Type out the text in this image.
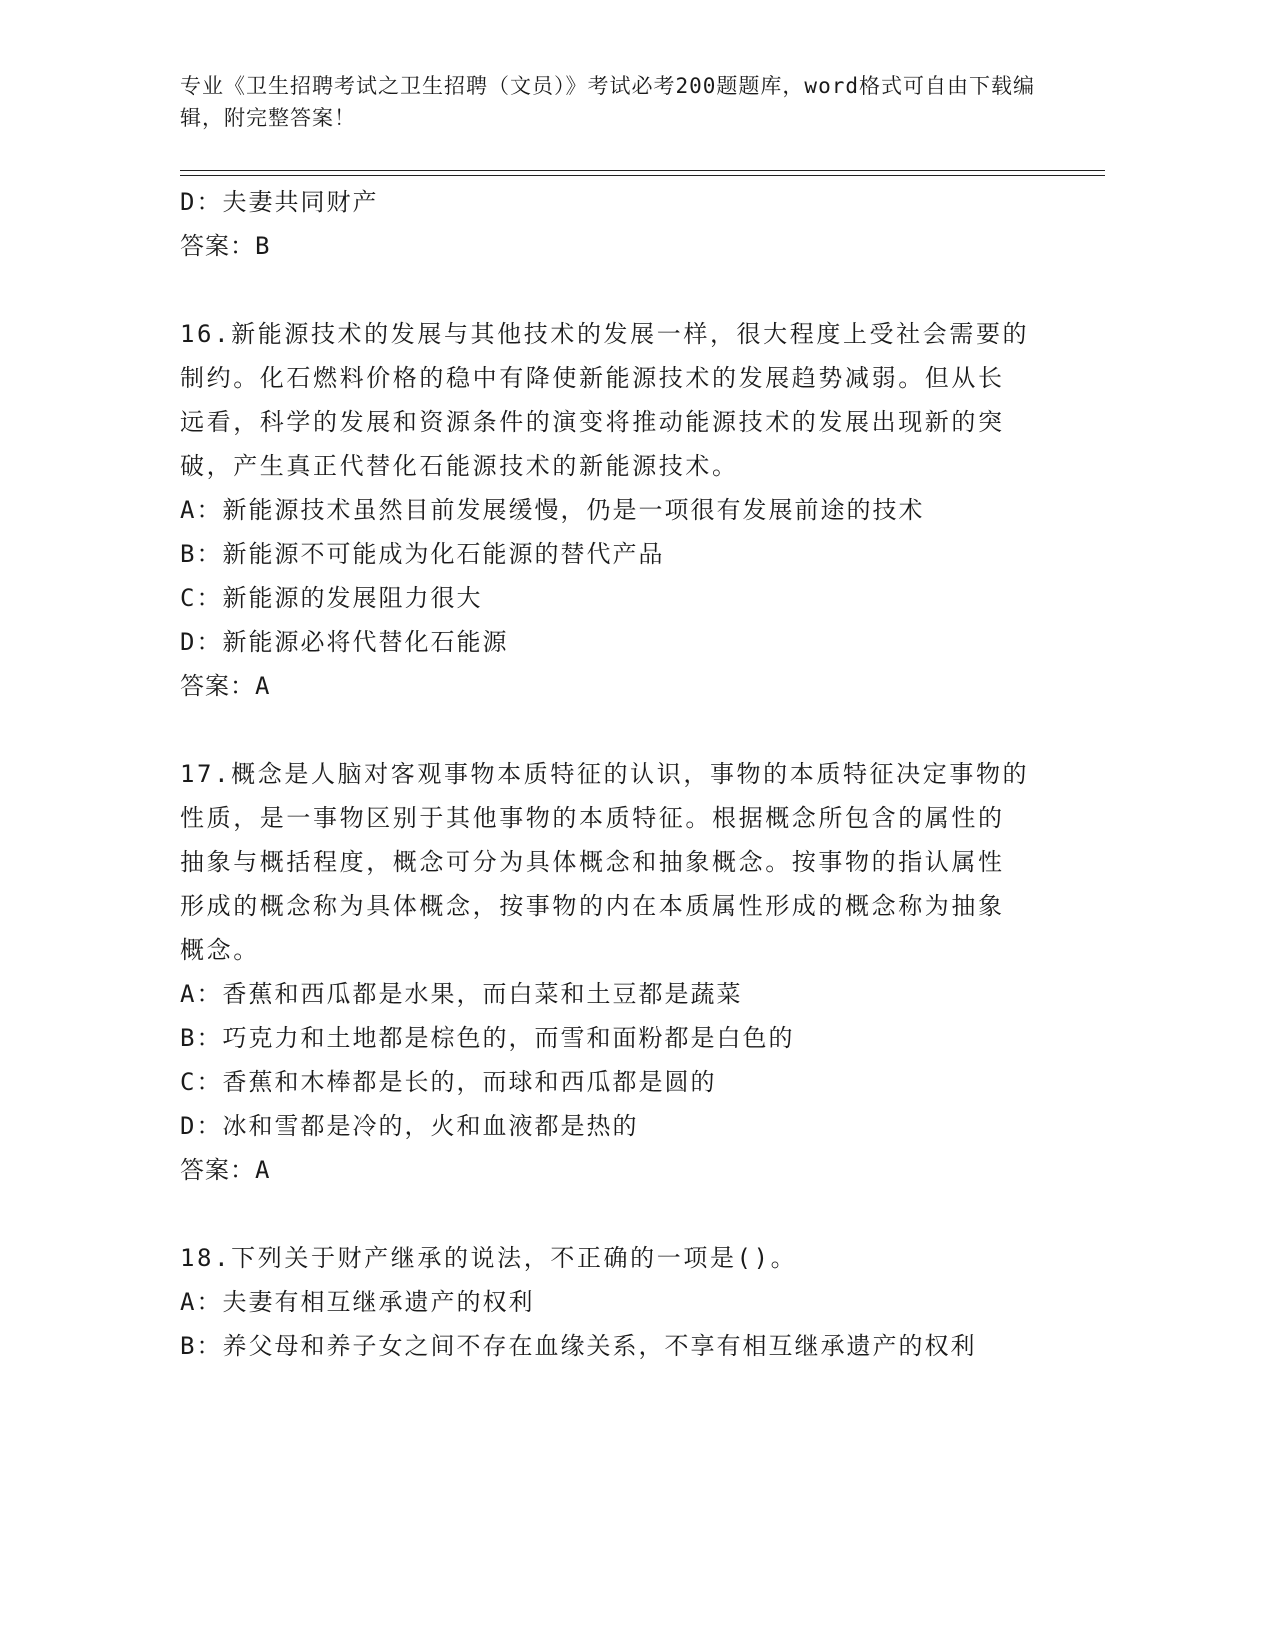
专业《卫生招聘考试之卫生招聘（文员）》考试必考200题题库，word格式可自由下载编辑，附完整答案！
D：夫妻共同财产
答案：B
16.新能源技术的发展与其他技术的发展一样，很大程度上受社会需要的制约。化石燃料价格的稳中有降使新能源技术的发展趋势减弱。但从长远看，科学的发展和资源条件的演变将推动能源技术的发展出现新的突破，产生真正代替化石能源技术的新能源技术。
A：新能源技术虽然目前发展缓慢，仍是一项很有发展前途的技术
B：新能源不可能成为化石能源的替代产品
C：新能源的发展阻力很大
D：新能源必将代替化石能源
答案：A
17.概念是人脑对客观事物本质特征的认识，事物的本质特征决定事物的性质，是一事物区别于其他事物的本质特征。根据概念所包含的属性的抽象与概括程度，概念可分为具体概念和抽象概念。按事物的指认属性形成的概念称为具体概念，按事物的内在本质属性形成的概念称为抽象概念。
A：香蕉和西瓜都是水果，而白菜和土豆都是蔬菜
B：巧克力和土地都是棕色的，而雪和面粉都是白色的
C：香蕉和木棒都是长的，而球和西瓜都是圆的
D：冰和雪都是冷的，火和血液都是热的
答案：A
18.下列关于财产继承的说法，不正确的一项是()。
A：夫妻有相互继承遗产的权利
B：养父母和养子女之间不存在血缘关系，不享有相互继承遗产的权利
